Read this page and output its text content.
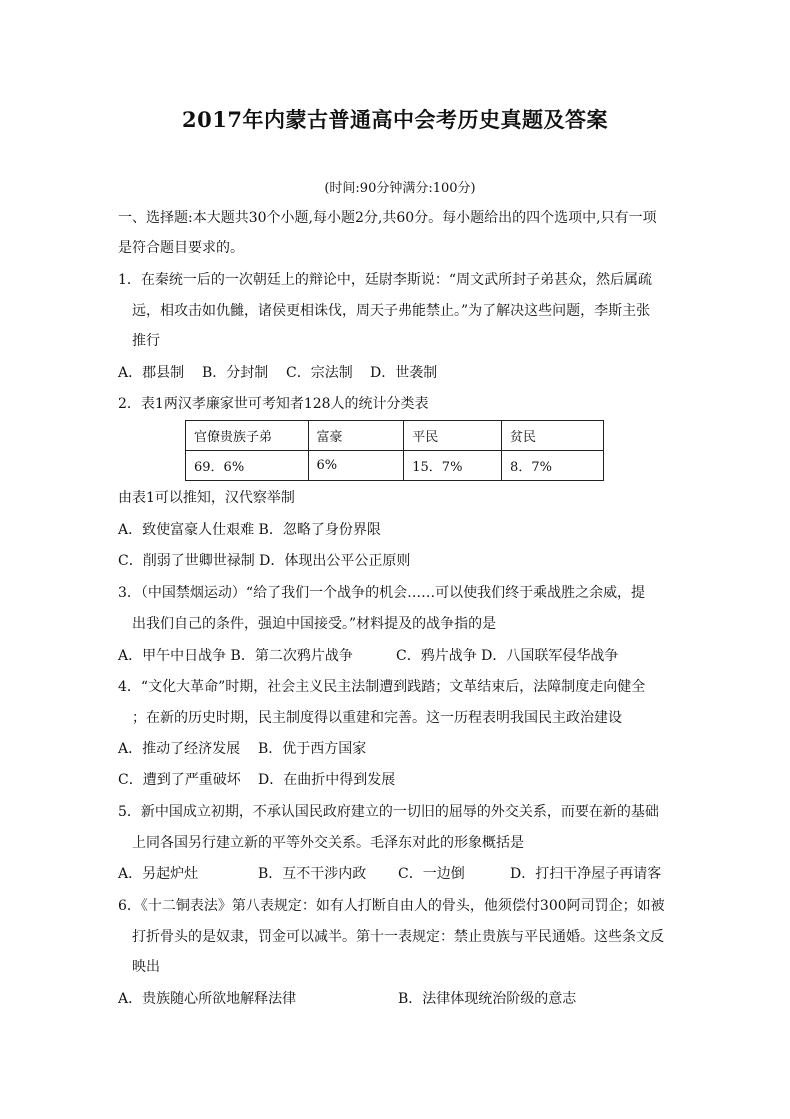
2017年内蒙古普通高中会考历史真题及答案
(时间:90分钟满分:100分)
一、选择题:本大题共30个小题,每小题2分,共60分。每小题给出的四个选项中,只有一项
是符合题目要求的。
1．在秦统一后的一次朝廷上的辩论中，廷尉李斯说：“周文武所封子弟甚众，然后属疏
远，相攻击如仇雠，诸侯更相诛伐，周天子弗能禁止。”为了解决这些问题，李斯主张
推行
A．郡县制 B．分封制 C．宗法制 D．世袭制
2．表1两汉孝廉家世可考知者128人的统计分类表
官僚贵族子弟	富豪	平民	贫民
69．6%	6%	15．7%	8．7%
由表1可以推知，汉代察举制
A．致使富豪人仕艰难 B．忽略了身份界限
C．削弱了世卿世禄制 D．体现出公平公正原则
3．（中国禁烟运动）“给了我们一个战争的机会……可以使我们终于乘战胜之余威，提
出我们自己的条件，强迫中国接受。”材料提及的战争指的是
A．甲午中日战争 B．第二次鸦片战争	C．鸦片战争 D．八国联军侵华战争
4．“文化大革命”时期，社会主义民主法制遭到践踏；文革结束后，法障制度走向健全
；在新的历史时期，民主制度得以重建和完善。这一历程表明我国民主政治建设
A．推动了经济发展 B．优于西方国家
C．遭到了严重破坏 D．在曲折中得到发展
5．新中国成立初期，不承认国民政府建立的一切旧的屈辱的外交关系，而要在新的基础
上同各国另行建立新的平等外交关系。毛泽东对此的形象概括是
A．另起炉灶	B．互不干涉内政 C．一边倒	D．打扫干净屋子再请客
6．《十二铜表法》第八表规定：如有人打断自由人的骨头，他须偿付300阿司罚企；如被
打折骨头的是奴隶，罚金可以减半。第十一表规定：禁止贵族与平民通婚。这些条文反
映出
A．贵族随心所欲地解释法律	B．法律体现统治阶级的意志
